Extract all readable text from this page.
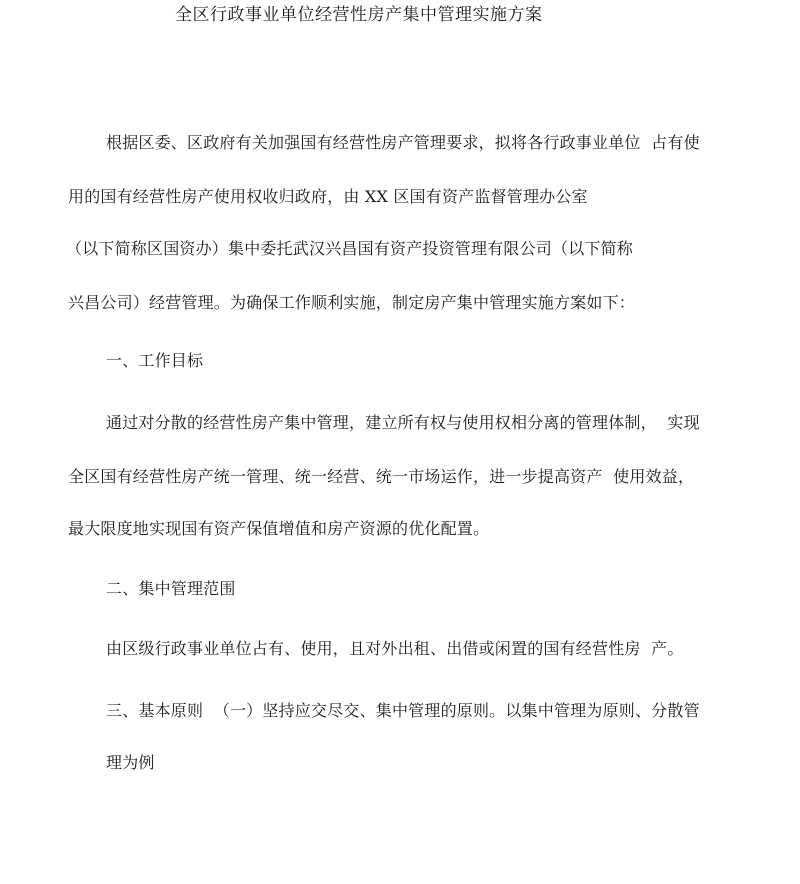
全区行政事业单位经营性房产集中管理实施方案
根据区委、区政府有关加强国有经营性房产管理要求，拟将各行政事业单位  占有使
用的国有经营性房产使用权收归政府，由 XX 区国有资产监督管理办公室
（以下简称区国资办）集中委托武汉兴昌国有资产投资管理有限公司（以下简称
兴昌公司）经营管理。为确保工作顺利实施，制定房产集中管理实施方案如下：
一、工作目标
通过对分散的经营性房产集中管理，建立所有权与使用权相分离的管理体制，  实现
全区国有经营性房产统一管理、统一经营、统一市场运作，进一步提高资产  使用效益，
最大限度地实现国有资产保值增值和房产资源的优化配置。
二、集中管理范围
由区级行政事业单位占有、使用，且对外出租、出借或闲置的国有经营性房  产。
三、基本原则  （一）坚持应交尽交、集中管理的原则。以集中管理为原则、分散管
理为例
